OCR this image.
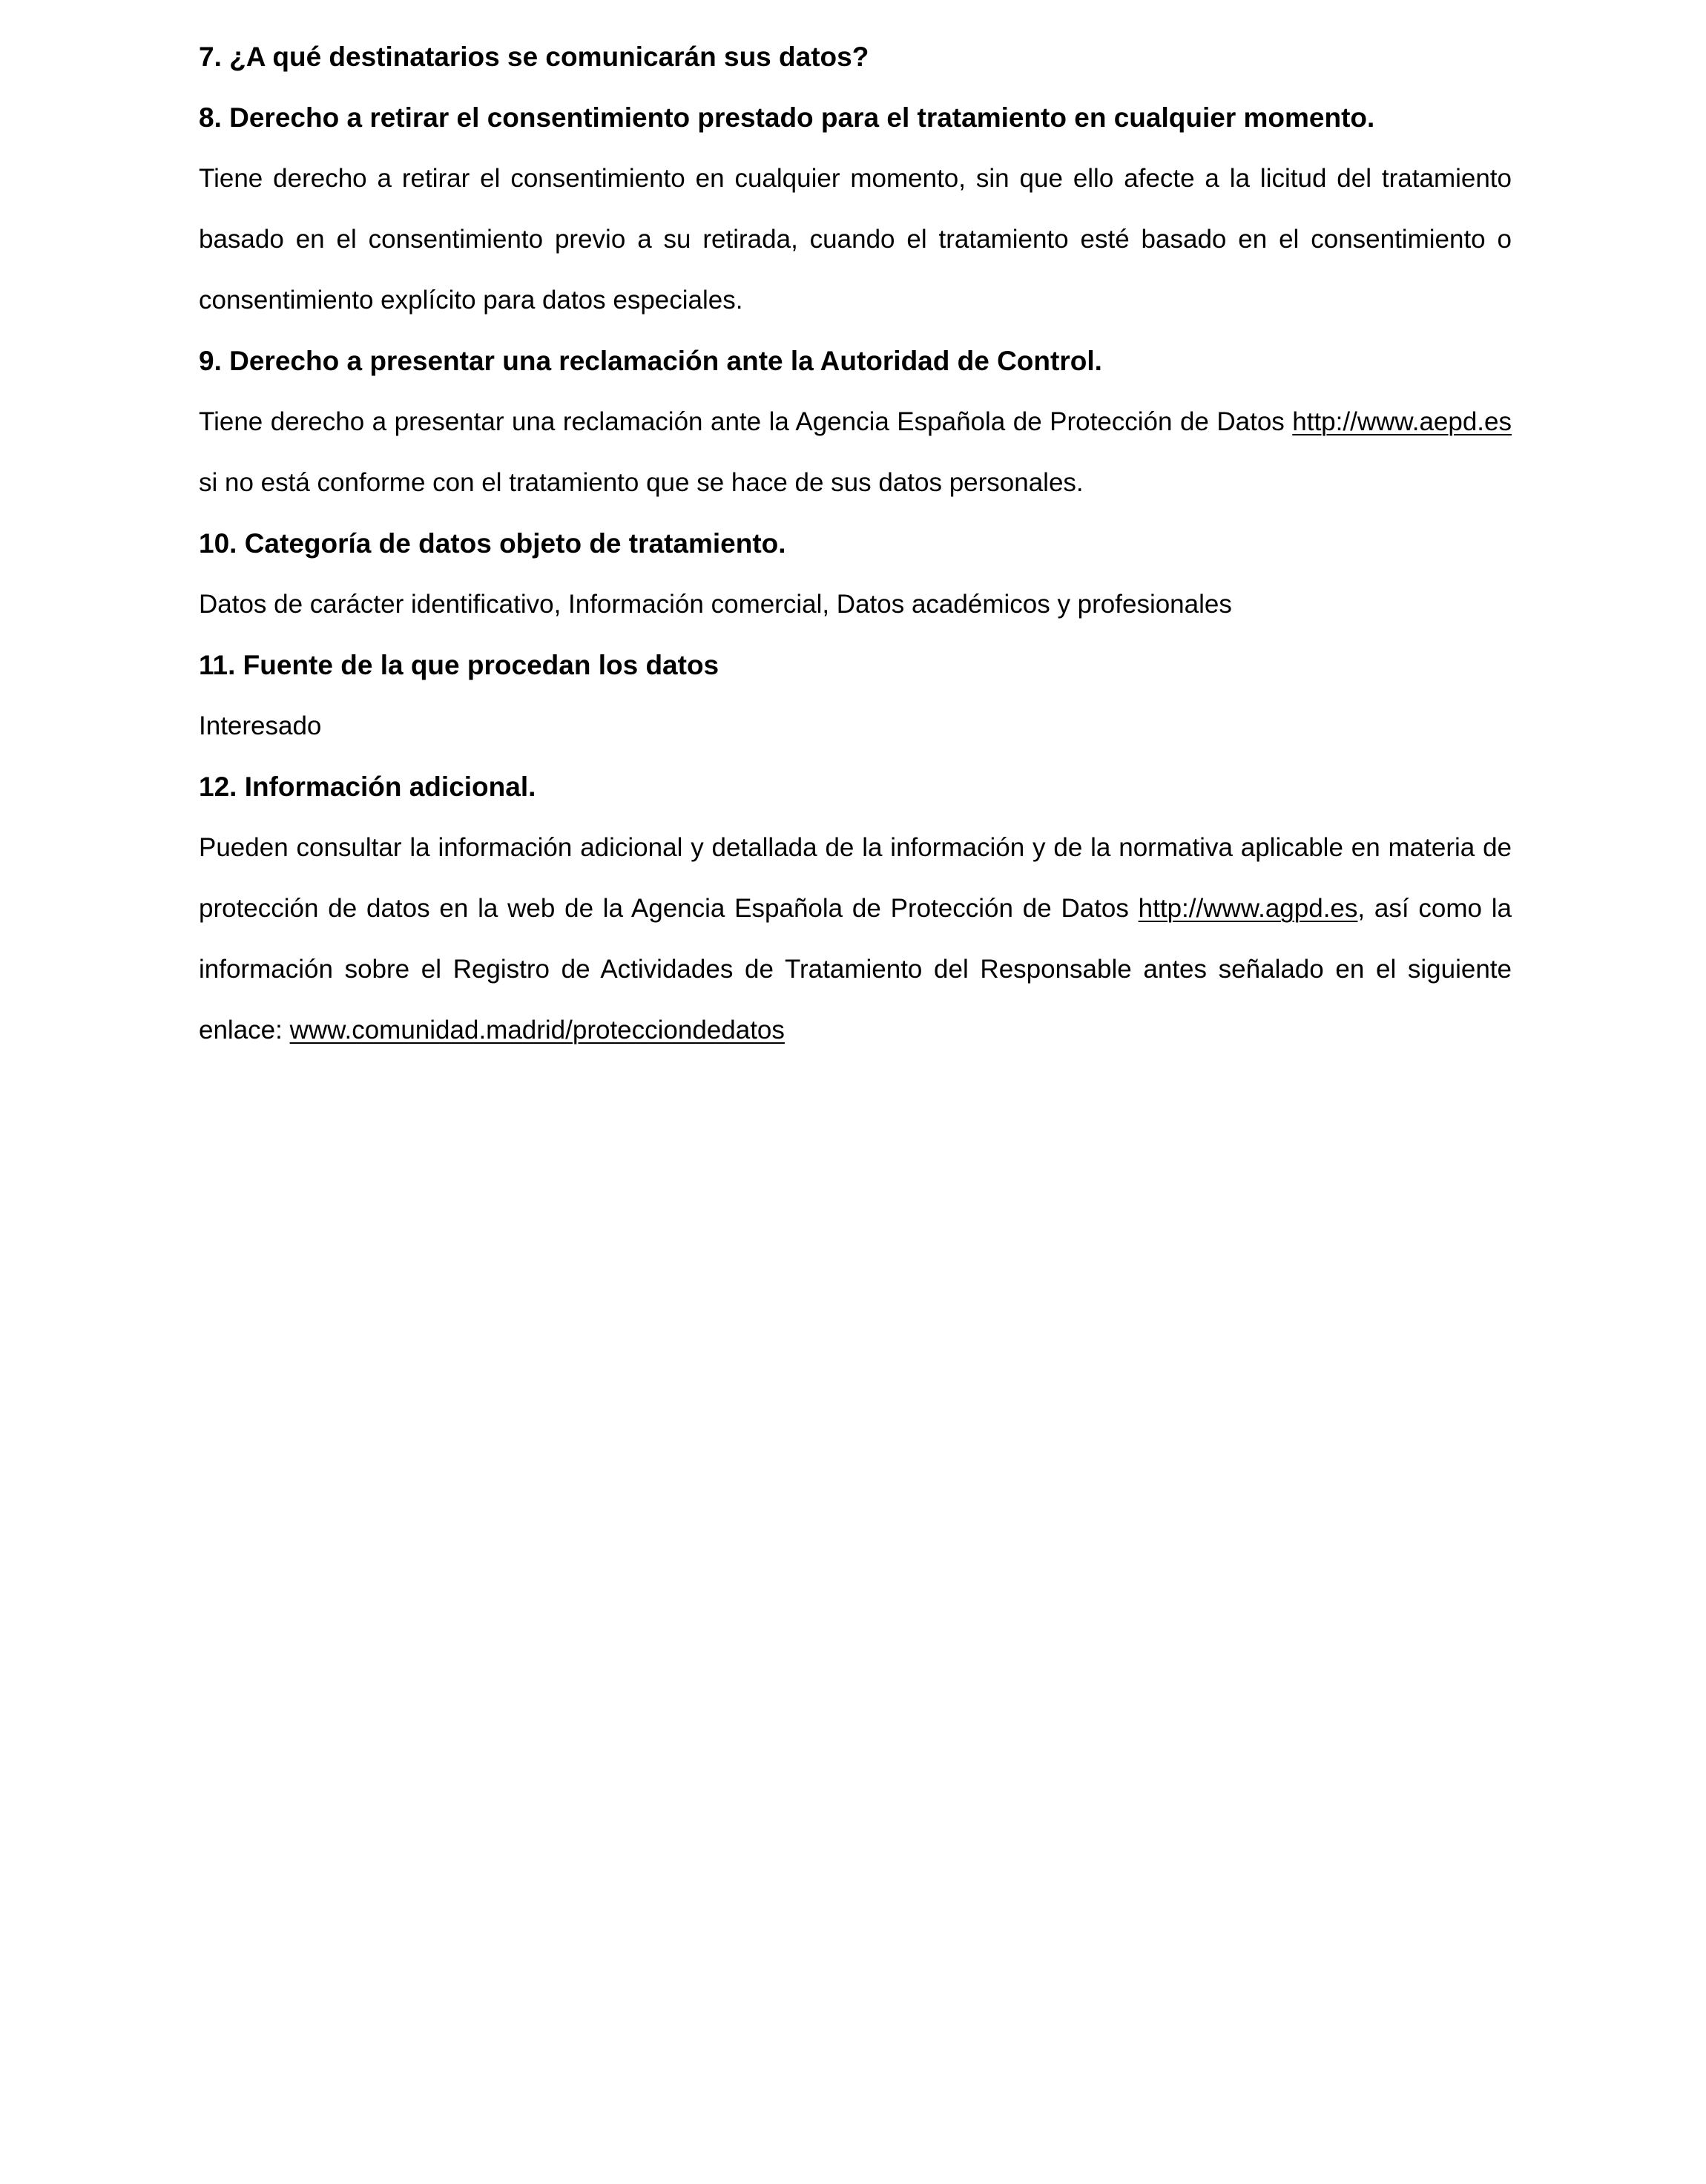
7. ¿A qué destinatarios se comunicarán sus datos?

8. Derecho a retirar el consentimiento prestado para el tratamiento en cualquier momento.

Tiene derecho a retirar el consentimiento en cualquier momento, sin que ello afecte a la licitud del tratamiento basado en el consentimiento previo a su retirada, cuando el tratamiento esté basado en el consentimiento o consentimiento explícito para datos especiales.

9. Derecho a presentar una reclamación ante la Autoridad de Control.

Tiene derecho a presentar una reclamación ante la Agencia Española de Protección de Datos http://www.aepd.es si no está conforme con el tratamiento que se hace de sus datos personales.

10. Categoría de datos objeto de tratamiento.

Datos de carácter identificativo, Información comercial, Datos académicos y profesionales

11. Fuente de la que procedan los datos

Interesado

12. Información adicional.

Pueden consultar la información adicional y detallada de la información y de la normativa aplicable en materia de protección de datos en la web de la Agencia Española de Protección de Datos http://www.agpd.es, así como la información sobre el Registro de Actividades de Tratamiento del Responsable antes señalado en el siguiente enlace: www.comunidad.madrid/protecciondedatos
